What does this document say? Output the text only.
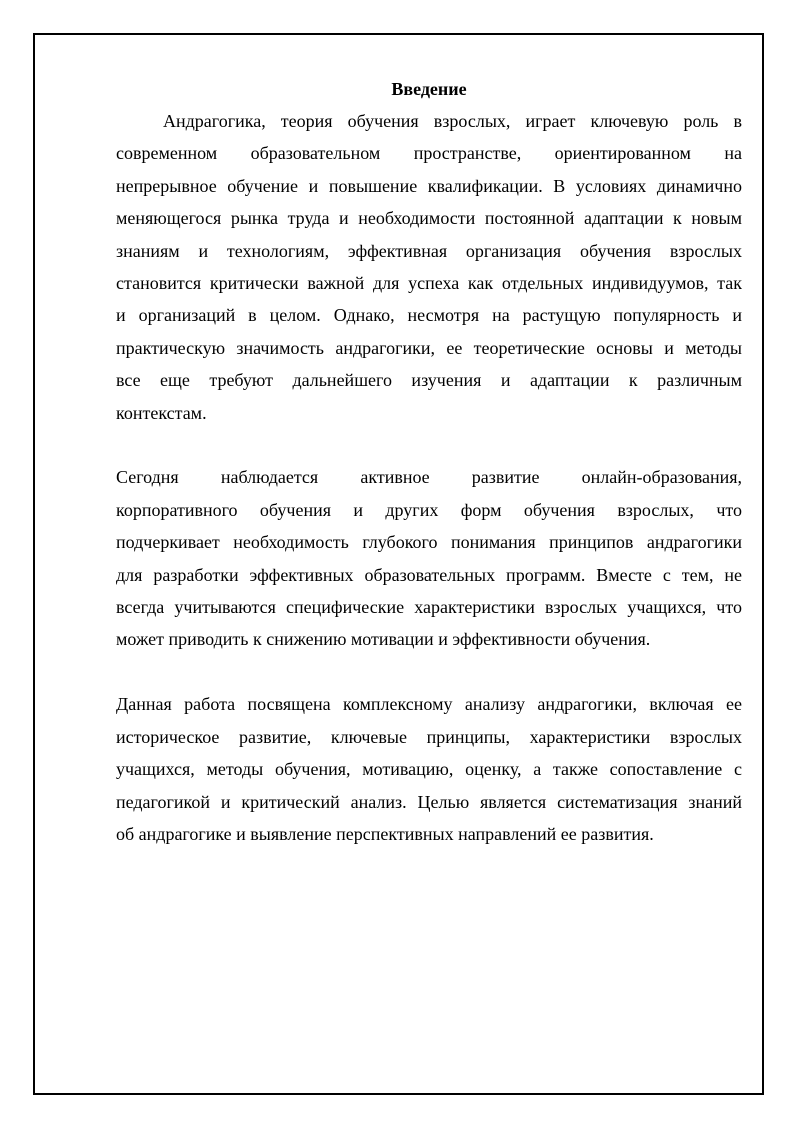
Введение
Андрагогика, теория обучения взрослых, играет ключевую роль в
современном образовательном пространстве, ориентированном на
непрерывное обучение и повышение квалификации. В условиях динамично
меняющегося рынка труда и необходимости постоянной адаптации к новым
знаниям и технологиям, эффективная организация обучения взрослых
становится критически важной для успеха как отдельных индивидуумов, так
и организаций в целом. Однако, несмотря на растущую популярность и
практическую значимость андрагогики, ее теоретические основы и методы
все еще требуют дальнейшего изучения и адаптации к различным
контекстам.
Сегодня наблюдается активное развитие онлайн-образования,
корпоративного обучения и других форм обучения взрослых, что
подчеркивает необходимость глубокого понимания принципов андрагогики
для разработки эффективных образовательных программ. Вместе с тем, не
всегда учитываются специфические характеристики взрослых учащихся, что
может приводить к снижению мотивации и эффективности обучения.
Данная работа посвящена комплексному анализу андрагогики, включая ее
историческое развитие, ключевые принципы, характеристики взрослых
учащихся, методы обучения, мотивацию, оценку, а также сопоставление с
педагогикой и критический анализ. Целью является систематизация знаний
об андрагогике и выявление перспективных направлений ее развития.
